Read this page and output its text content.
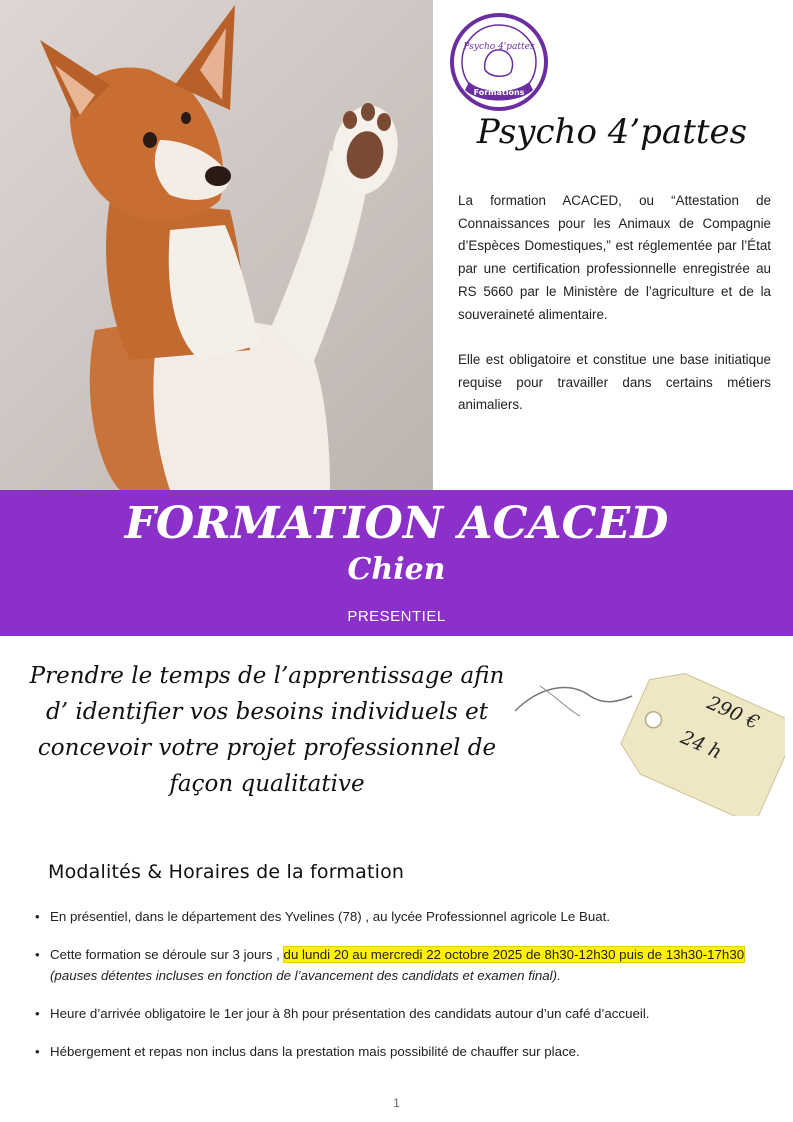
Psycho 4'pattes
Formations
Psycho 4’pattes

La formation ACACED, ou “Attestation de Connaissances pour les Animaux de Compagnie d’Espèces Domestiques,” est réglementée par l’État par une certification professionnelle enregistrée au RS 5660 par le Ministère de l’agriculture et de la souveraineté alimentaire.

Elle est obligatoire et constitue une base initiatique requise pour travailler dans certains métiers animaliers.

FORMATION ACACED
Chien
PRESENTIEL
Prendre le temps de l’apprentissage afin
d’ identifier vos besoins individuels et
concevoir votre projet professionnel de
façon qualitative
290 €
24 h
Modalités & Horaires de la formation
• En présentiel, dans le département des Yvelines (78) , au lycée Professionnel agricole Le Buat.
• Cette formation se déroule sur 3 jours , du lundi 20 au mercredi 22 octobre 2025 de 8h30-12h30 puis de 13h30-17h30 (pauses détentes incluses en fonction de l’avancement des candidats et examen final).
• Heure d’arrivée obligatoire le 1er jour à 8h pour présentation des candidats autour d’un café d’accueil.
• Hébergement et repas non inclus dans la prestation mais possibilité de chauffer sur place.
1
